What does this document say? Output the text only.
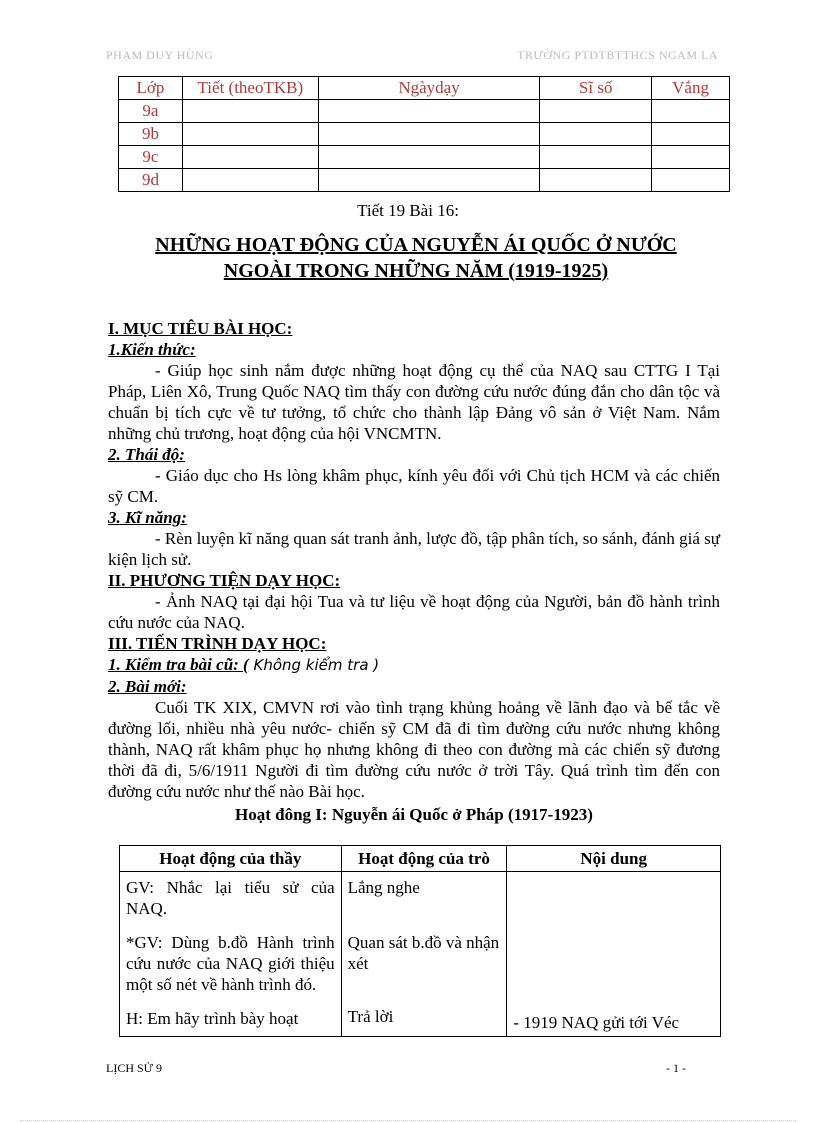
PHẠM DUY HÙNG	TRƯỜNG PTDTBTTHCS NGAM LA
Lớp	Tiết (theoTKB)	Ngàydạy	Sĩ số	Vắng
9a				
9b				
9c				
9d				
Tiết 19 Bài 16:
NHỮNG HOẠT ĐỘNG CỦA NGUYỄN ÁI QUỐC Ở NƯỚC
NGOÀI TRONG NHỮNG NĂM (1919-1925)
I. MỤC TIÊU BÀI HỌC:
1.Kiến thức:
- Giúp học sinh nắm được những hoạt động cụ thể của NAQ sau CTTG I Tại Pháp, Liên Xô, Trung Quốc NAQ tìm thấy con đường cứu nước đúng đắn cho dân tộc và chuẩn bị tích cực về tư tưởng, tổ chức cho thành lập Đảng vô sản ở Việt Nam. Nắm những chủ trương, hoạt động của hội VNCMTN.
2. Thái độ:
- Giáo dục cho Hs lòng khâm phục, kính yêu đối với Chủ tịch HCM và các chiến sỹ CM.
3. Kĩ năng:
- Rèn luyện kĩ năng quan sát tranh ảnh, lược đồ, tập phân tích, so sánh, đánh giá sự kiện lịch sử.
II. PHƯƠNG TIỆN DẠY HỌC:
- Ảnh NAQ tại đại hội Tua và tư liệu về hoạt động của Người, bản đồ hành trình cứu nước của NAQ.
III. TIẾN TRÌNH DẠY HỌC:
1. Kiểm tra bài cũ: ( Không kiểm tra )
2. Bài mới:
Cuối TK XIX, CMVN rơi vào tình trạng khủng hoảng về lãnh đạo và bế tắc về đường lối, nhiều nhà yêu nước- chiến sỹ CM đã đi tìm đường cứu nước nhưng không thành, NAQ rất khâm phục họ nhưng không đi theo con đường mà các chiến sỹ đương thời đã đi, 5/6/1911 Người đi tìm đường cứu nước ở trời Tây. Quá trình tìm đến con đường cứu nước như thế nào Bài học.
Hoạt đông I: Nguyễn ái Quốc ở Pháp (1917-1923)
Hoạt động của thầy	Hoạt động của trò	Nội dung
GV: Nhắc lại tiểu sử của NAQ.	Lắng nghe	
*GV: Dùng b.đồ Hành trình cứu nước của NAQ giới thiệu một số nét về hành trình đó.	Quan sát b.đồ và nhận xét	
H: Em hãy trình bày hoạt	Trả lời	- 1919 NAQ gửi tới Véc
LỊCH SỬ 9	- 1 -
